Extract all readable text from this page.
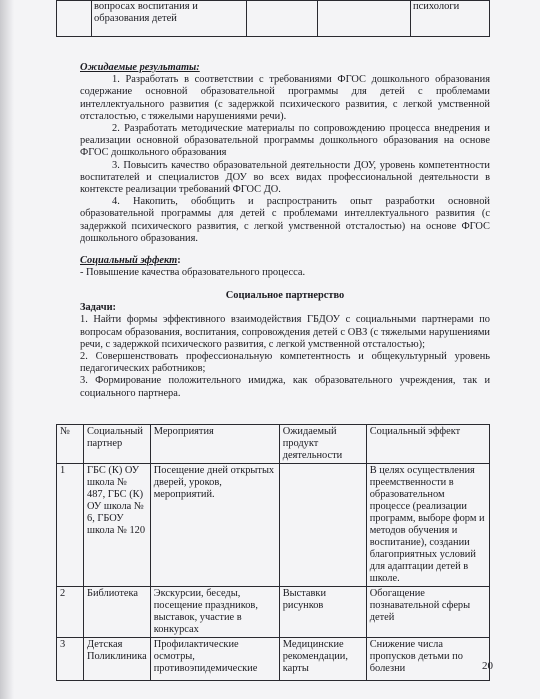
	вопросах воспитания и образования детей			психологи
Ожидаемые результаты:

1. Разработать в соответствии с требованиями ФГОС дошкольного образования содержание основной образовательной программы для детей с проблемами интеллектуального развития (с задержкой психического развития, с легкой умственной отсталостью, с тяжелыми нарушениями речи).

2. Разработать методические материалы по сопровождению процесса внедрения и реализации основной образовательной программы дошкольного образования на основе ФГОС дошкольного образования

3. Повысить качество образовательной деятельности ДОУ, уровень компетентности воспитателей и специалистов ДОУ во всех видах профессиональной деятельности в контексте реализации требований ФГОС ДО.

4. Накопить, обобщить и распространить опыт разработки основной образовательной программы для детей с проблемами интеллектуального развития (с задержкой психического развития, с легкой умственной отсталостью) на основе ФГОС дошкольного образования.

Социальный эффект:

- Повышение качества образовательного процесса.

Социальное партнерство
Задачи:

1. Найти формы эффективного взаимодействия ГБДОУ с социальными партнерами по вопросам образования, воспитания, сопровождения детей с ОВЗ (с тяжелыми нарушениями речи, с задержкой психического развития, с легкой умственной отсталостью);

2. Совершенствовать профессиональную компетентность и общекультурный уровень педагогических работников;

3. Формирование положительного имиджа, как образовательного учреждения, так и социального партнера.

№	Социальный партнер	Мероприятия	Ожидаемый продукт деятельности	Социальный эффект
1	ГБС (К) ОУ школа № 487, ГБС (К) ОУ школа № 6, ГБОУ школа № 120	Посещение дней открытых дверей, уроков, мероприятий.		В целях осуществления преемственности в образовательном процессе (реализации программ, выборе форм и методов обучения и воспитание), создании благоприятных условий для адаптации детей в школе.
2	Библиотека	Экскурсии, беседы, посещение праздников, выставок, участие в конкурсах	Выставки рисунков	Обогащение познавательной сферы детей
3	Детская Поликлиника	Профилактические осмотры, противоэпидемические	Медицинские рекомендации, карты	Снижение числа пропусков детьми по болезни	20
